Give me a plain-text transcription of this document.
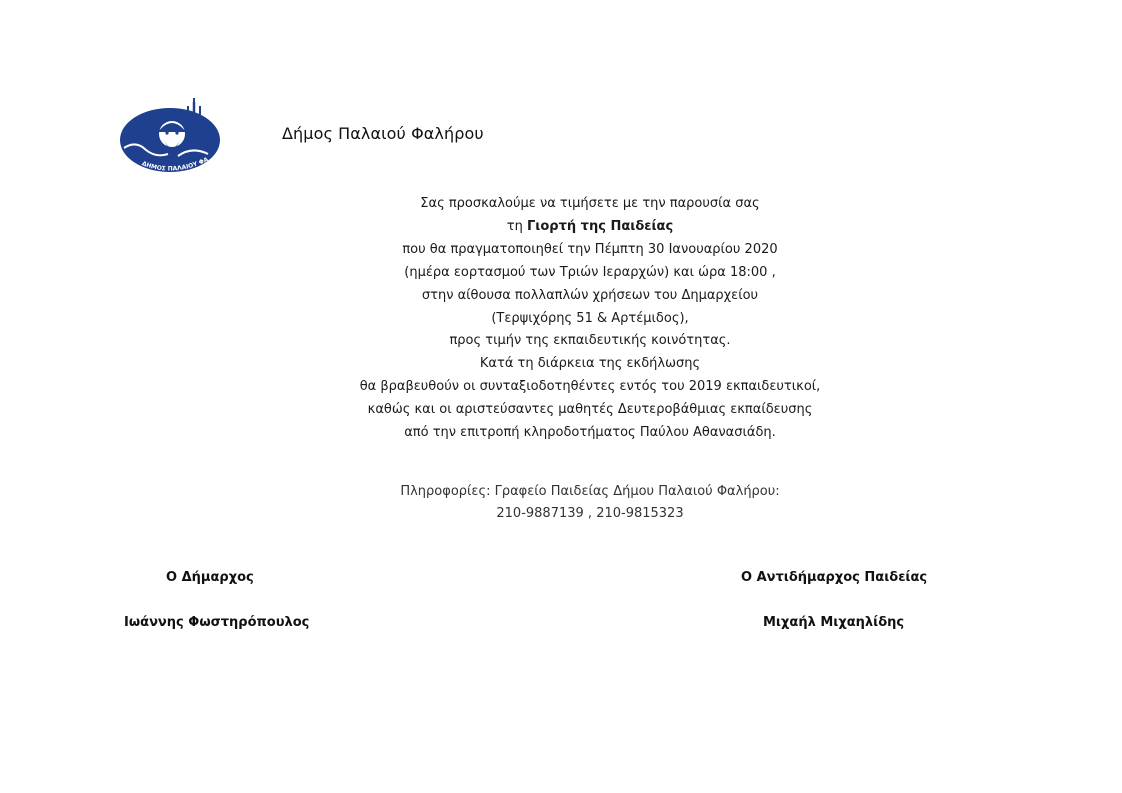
ΔΗΜΟΣ ΠΑΛΑΙΟΥ ΦΑ
ΦΑΛΗΡΩΝ
Δήμος Παλαιού Φαλήρου
Σας προσκαλούμε να τιμήσετε με την παρουσία σας
τη Γιορτή της Παιδείας
που θα πραγματοποιηθεί την Πέμπτη 30 Ιανουαρίου 2020
(ημέρα εορτασμού των Τριών Ιεραρχών) και ώρα 18:00 ,
στην αίθουσα πολλαπλών χρήσεων του Δημαρχείου
(Τερψιχόρης 51 & Αρτέμιδος),
προς τιμήν της εκπαιδευτικής κοινότητας.
Κατά τη διάρκεια της εκδήλωσης
θα βραβευθούν οι συνταξιοδοτηθέντες εντός του 2019 εκπαιδευτικοί,
καθώς και οι αριστεύσαντες μαθητές Δευτεροβάθμιας εκπαίδευσης
από την επιτροπή κληροδοτήματος Παύλου Αθανασιάδη.
Πληροφορίες: Γραφείο Παιδείας Δήμου Παλαιού Φαλήρου:
210-9887139 , 210-9815323
Ο Δήμαρχος
Ιωάννης Φωστηρόπουλος
Ο Αντιδήμαρχος Παιδείας
Μιχαήλ Μιχαηλίδης
